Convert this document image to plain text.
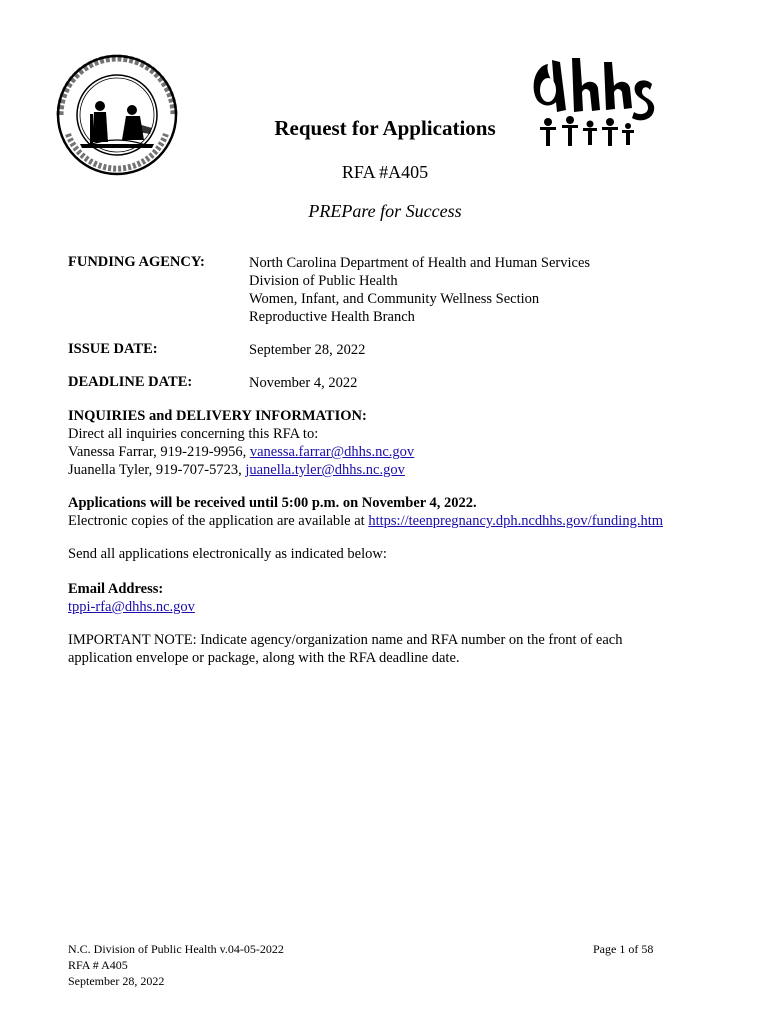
Request for Applications
RFA #A405
PREPare for Success
FUNDING AGENCY:	North Carolina Department of Health and Human Services
Division of Public Health
Women, Infant, and Community Wellness Section
Reproductive Health Branch
ISSUE DATE:	September 28, 2022
DEADLINE DATE:	November 4, 2022
INQUIRIES and DELIVERY INFORMATION:
Direct all inquiries concerning this RFA to:
Vanessa Farrar, 919-219-9956, vanessa.farrar@dhhs.nc.gov
Juanella Tyler, 919-707-5723, juanella.tyler@dhhs.nc.gov
Applications will be received until 5:00 p.m. on November 4, 2022.
Electronic copies of the application are available at https://teenpregnancy.dph.ncdhhs.gov/funding.htm
Send all applications electronically as indicated below:
Email Address:
tppi-rfa@dhhs.nc.gov
IMPORTANT NOTE: Indicate agency/organization name and RFA number on the front of each
application envelope or package, along with the RFA deadline date.
N.C. Division of Public Health v.04-05-2022
RFA # A405
September 28, 2022
Page 1 of 58
